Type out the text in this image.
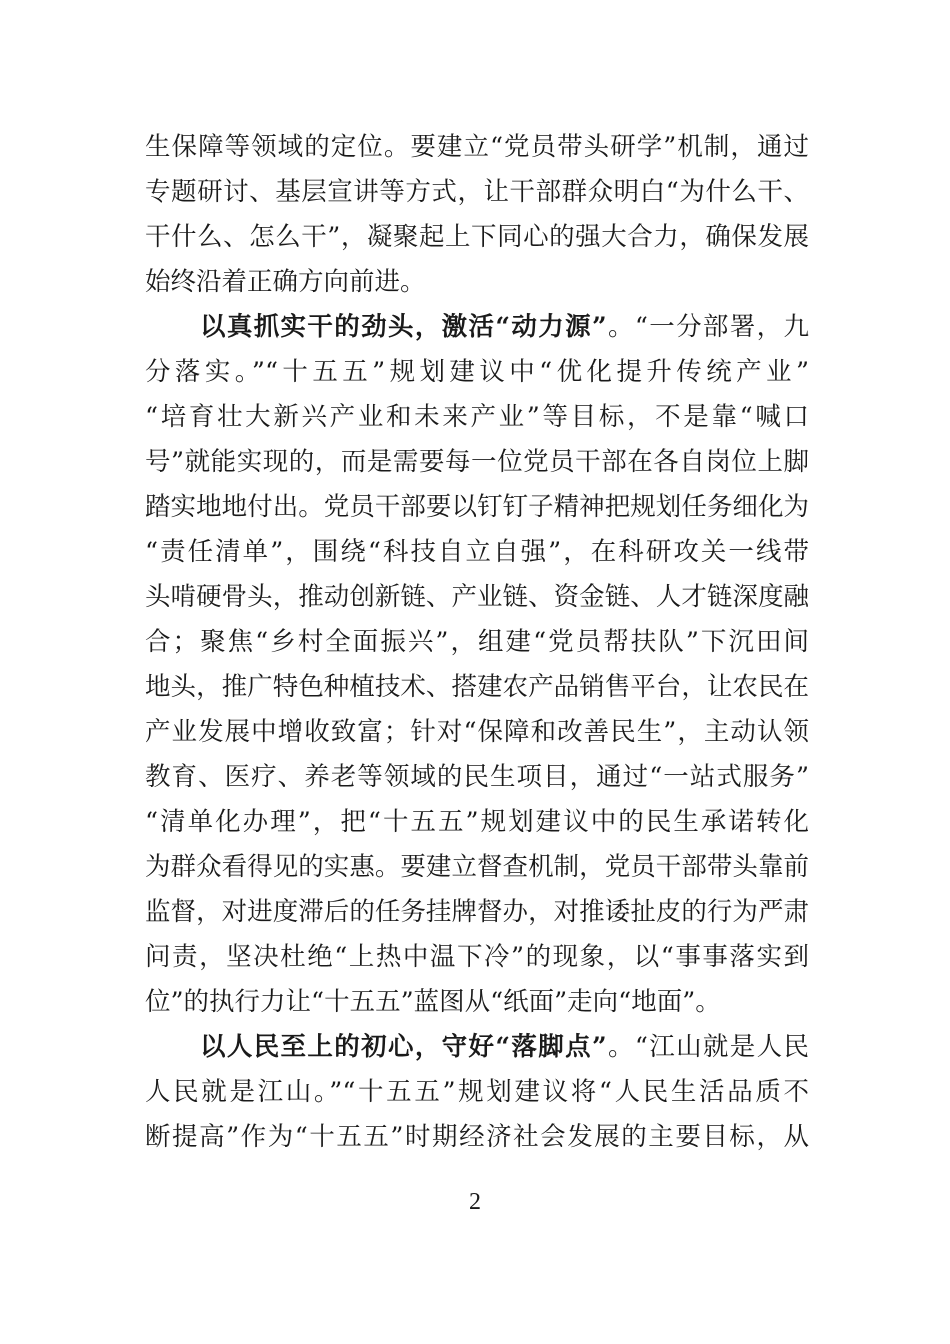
生保障等领域的定位。要建立“党员带头研学”机制，通过
专题研讨、基层宣讲等方式，让干部群众明白“为什么干、
干什么、怎么干”，凝聚起上下同心的强大合力，确保发展
始终沿着正确方向前进。
以真抓实干的劲头，激活“动力源”。“一分部署，九
分落实。”“十五五”规划建议中“优化提升传统产业”
“培育壮大新兴产业和未来产业”等目标，不是靠“喊口
号”就能实现的，而是需要每一位党员干部在各自岗位上脚
踏实地地付出。党员干部要以钉钉子精神把规划任务细化为
“责任清单”，围绕“科技自立自强”，在科研攻关一线带
头啃硬骨头，推动创新链、产业链、资金链、人才链深度融
合；聚焦“乡村全面振兴”，组建“党员帮扶队”下沉田间
地头，推广特色种植技术、搭建农产品销售平台，让农民在
产业发展中增收致富；针对“保障和改善民生”，主动认领
教育、医疗、养老等领域的民生项目，通过“一站式服务”
“清单化办理”，把“十五五”规划建议中的民生承诺转化
为群众看得见的实惠。要建立督查机制，党员干部带头靠前
监督，对进度滞后的任务挂牌督办，对推诿扯皮的行为严肃
问责，坚决杜绝“上热中温下冷”的现象，以“事事落实到
位”的执行力让“十五五”蓝图从“纸面”走向“地面”。
以人民至上的初心，守好“落脚点”。“江山就是人民
人民就是江山。”“十五五”规划建议将“人民生活品质不
断提高”作为“十五五”时期经济社会发展的主要目标，从
2
